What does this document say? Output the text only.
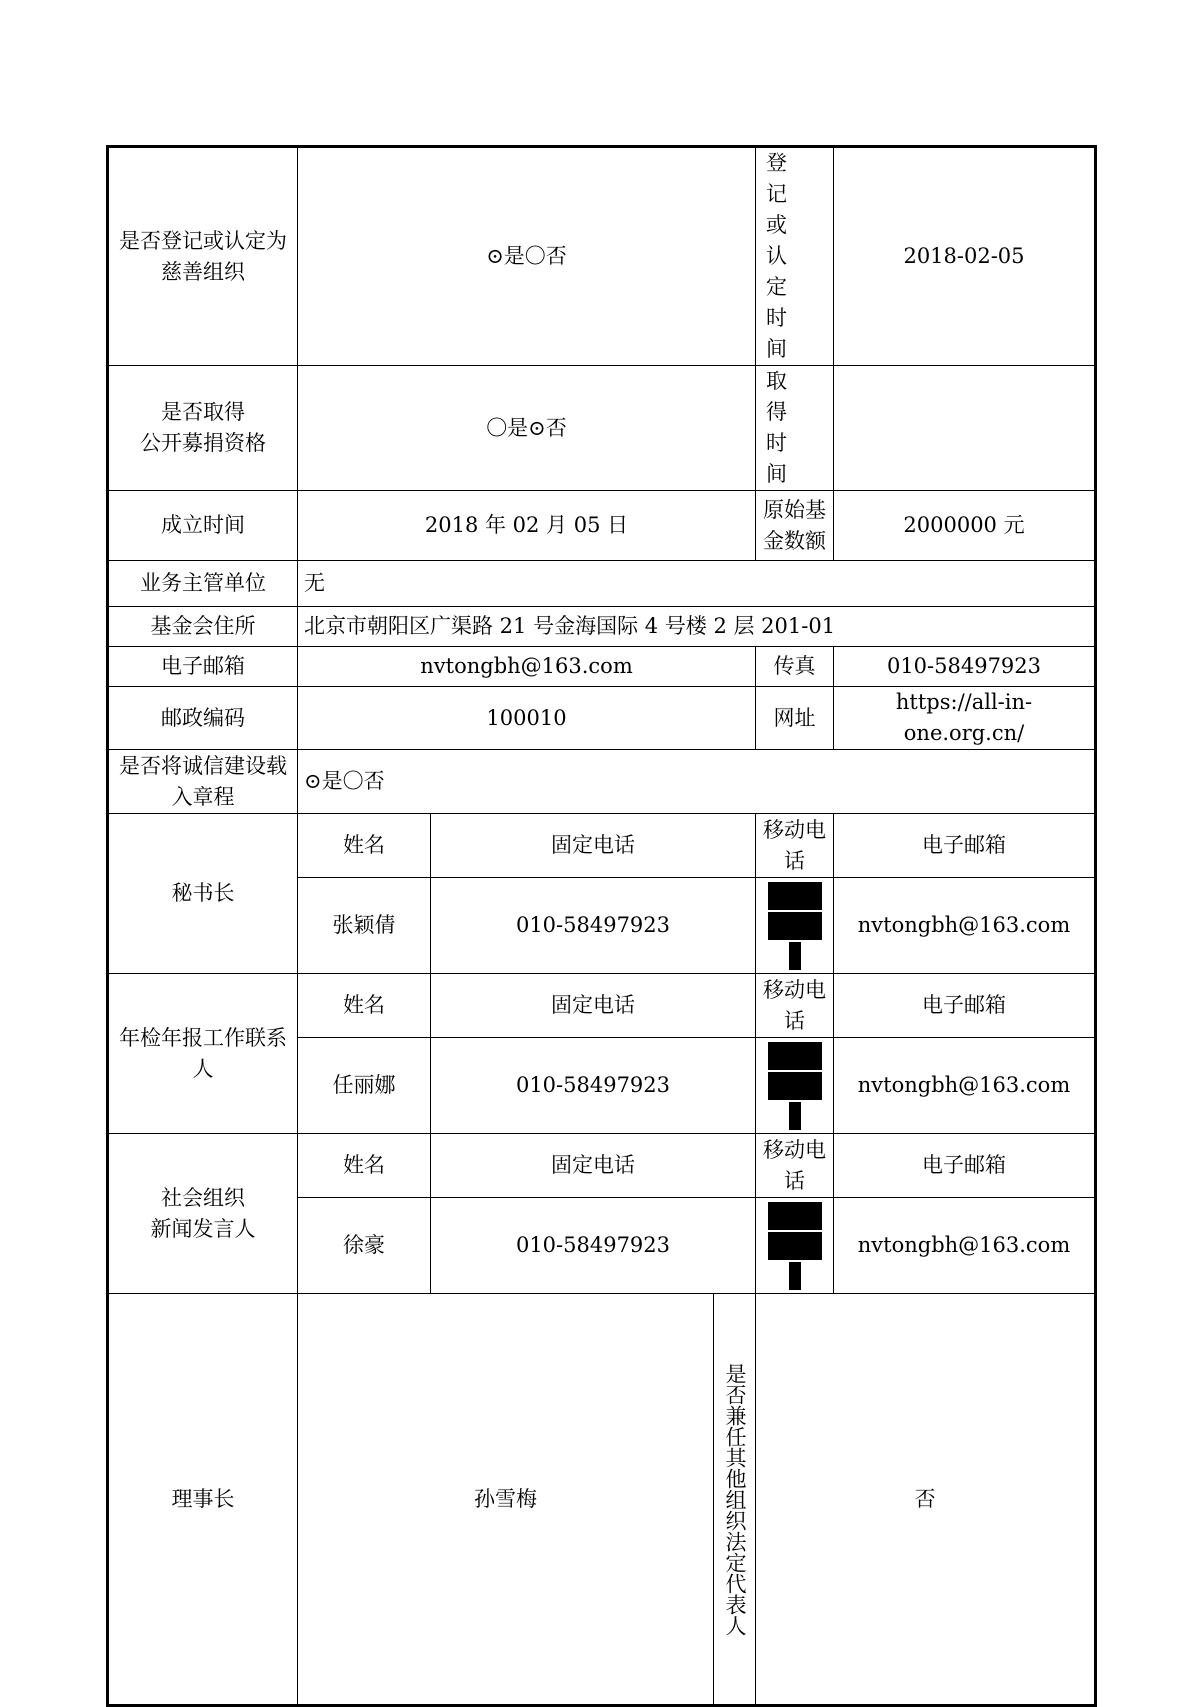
是否登记或认定为慈善组织	⊙是〇否			登 记或 认定 时间	2018-02-05

是否取得
公开募捐资格	〇是⊙否			取 得时间	
成立时间	2018 年 02 月 05 日			原始基金数额	2000000 元
业务主管单位	无				
基金会住所	北京市朝阳区广渠路 21 号金海国际 4 号楼 2 层 201-01				
电子邮箱	nvtongbh@163.com			传真	010-58497923
邮政编码	100010			网址	https://all-in-one.org.cn/
是否将诚信建设载入章程	⊙是〇否				
秘书长	姓名	固定电话		移动电话	电子邮箱
	张颖倩	010-58497923			nvtongbh@163.com
年检年报工作联系人	姓名	固定电话		移动电话	电子邮箱
	任丽娜	010-58497923			nvtongbh@163.com

社会组织
新闻发言人	姓名	固定电话		移动电话	电子邮箱
	徐豪	010-58497923			nvtongbh@163.com
理事长	孙雪梅		是否兼任其他组织法定代表人	否	
